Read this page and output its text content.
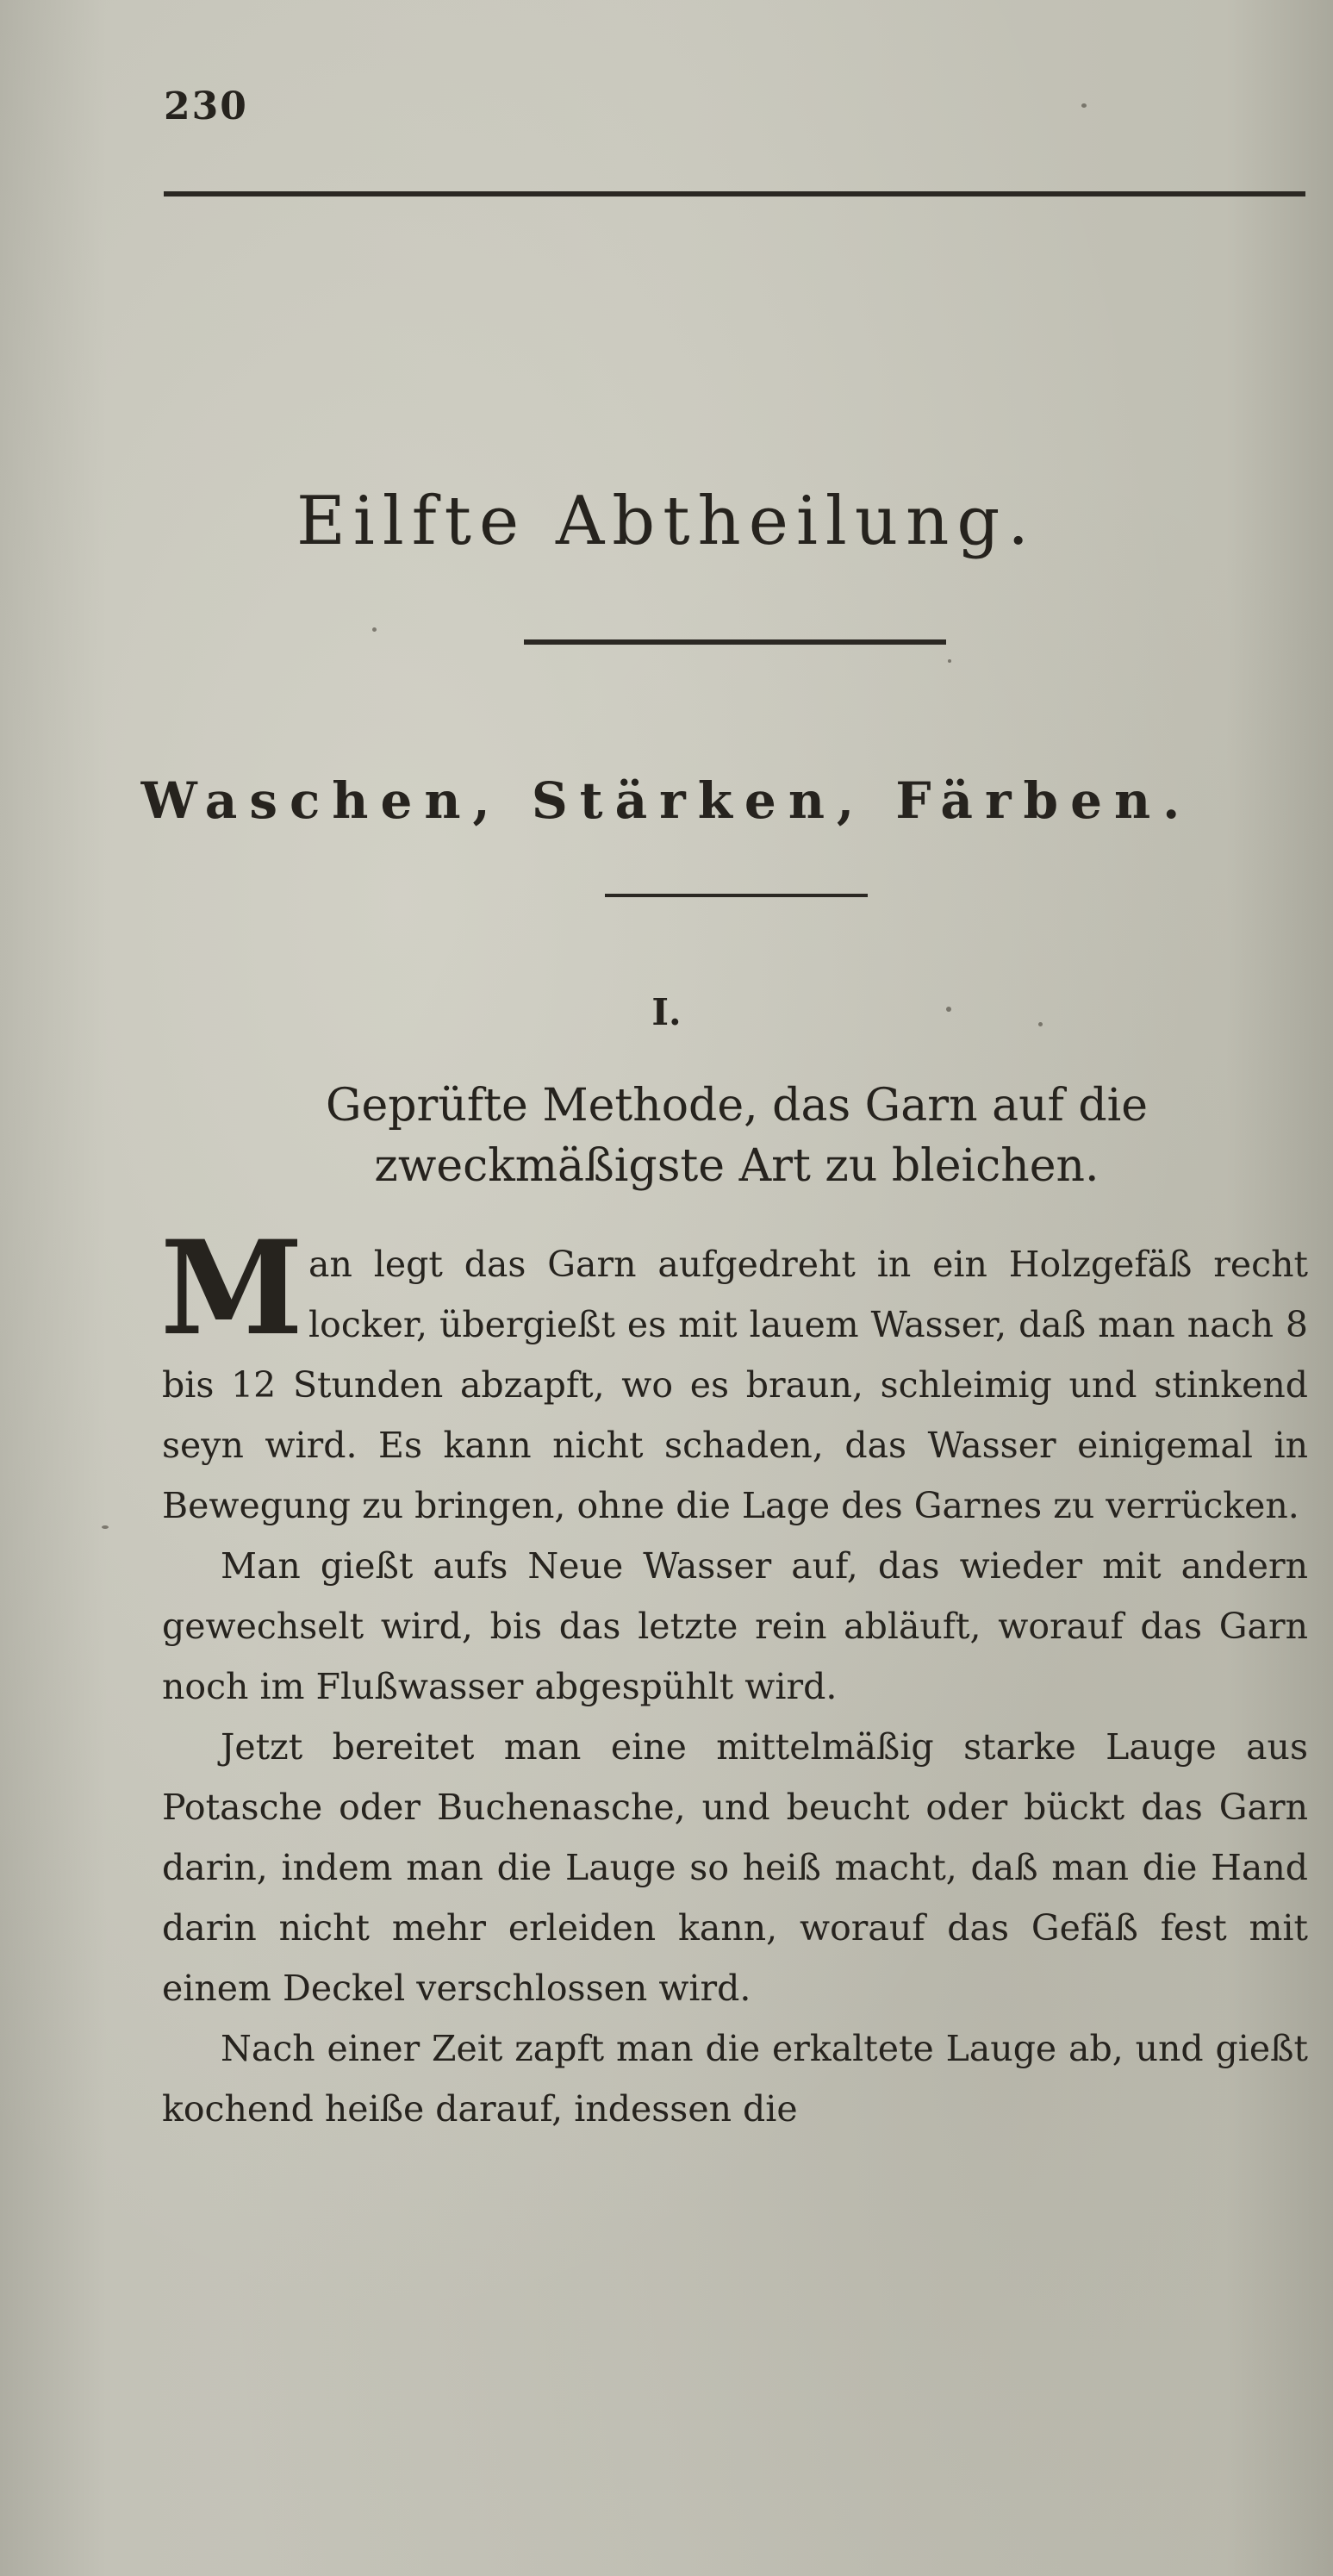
230

Eilfte Abtheilung.
Waschen, Stärken, Färben.
I.
Geprüfte Methode, das Garn auf die zweckmäßigste Art zu bleichen.

Man legt das Garn aufgedreht in ein Holzgefäß recht locker, übergießt es mit lauem Wasser, daß man nach 8 bis 12 Stunden abzapft, wo es braun, schleimig und stinkend seyn wird. Es kann nicht schaden, das Wasser einigemal in Bewegung zu bringen, ohne die Lage des Garnes zu verrücken.

Man gießt aufs Neue Wasser auf, das wieder mit andern gewechselt wird, bis das letzte rein abläuft, worauf das Garn noch im Flußwasser abgespühlt wird.

Jetzt bereitet man eine mittelmäßig starke Lauge aus Potasche oder Buchenasche, und beucht oder bückt das Garn darin, indem man die Lauge so heiß macht, daß man die Hand darin nicht mehr erleiden kann, worauf das Gefäß fest mit einem Deckel verschlossen wird.

Nach einer Zeit zapft man die erkaltete Lauge ab, und gießt kochend heiße darauf, indessen die
